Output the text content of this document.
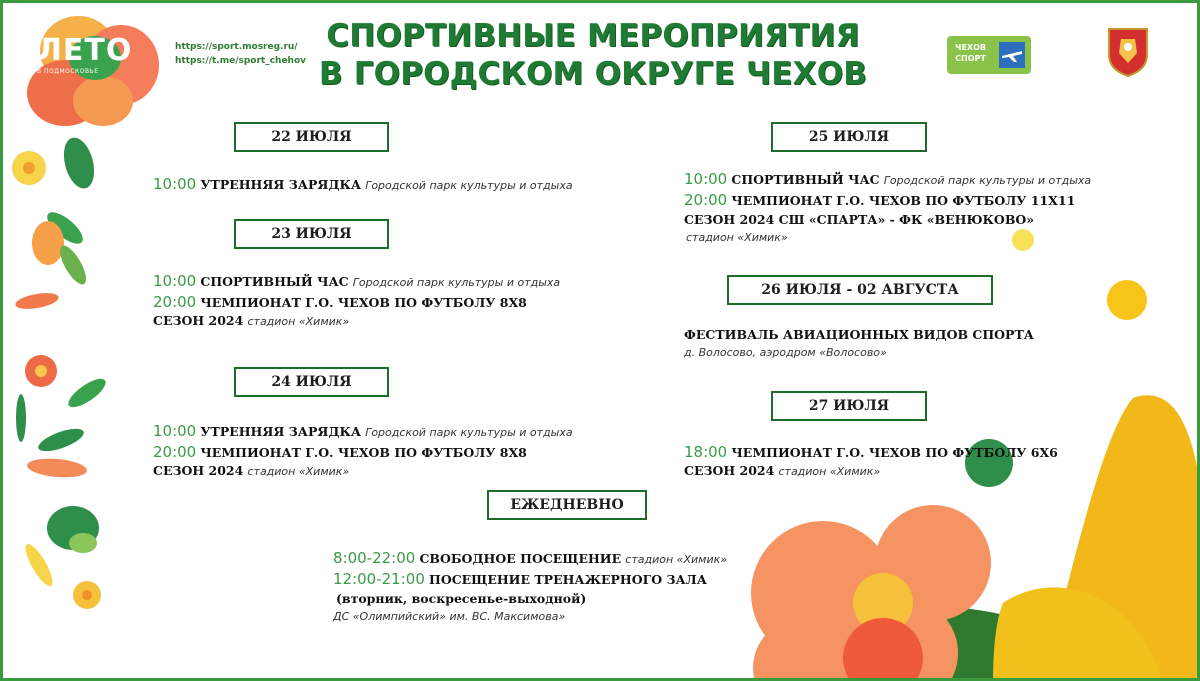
ЛЕТО
В ПОДМОСКОВЬЕ
https://sport.mosreg.ru/
https://t.me/sport_chehov
СПОРТИВНЫЕ МЕРОПРИЯТИЯ
В ГОРОДСКОМ ОКРУГЕ ЧЕХОВ
ЧЕХОВ
СПОРТ
22 ИЮЛЯ
10:00 УТРЕННЯЯ ЗАРЯДКА Городской парк культуры и отдыха
23 ИЮЛЯ
10:00 СПОРТИВНЫЙ ЧАС Городской парк культуры и отдыха
20:00 ЧЕМПИОНАТ Г.О. ЧЕХОВ ПО ФУТБОЛУ 8Х8
СЕЗОН 2024 стадион «Химик»
24 ИЮЛЯ
10:00 УТРЕННЯЯ ЗАРЯДКА Городской парк культуры и отдыха
20:00 ЧЕМПИОНАТ Г.О. ЧЕХОВ ПО ФУТБОЛУ 8Х8
СЕЗОН 2024 стадион «Химик»
25 ИЮЛЯ
10:00 СПОРТИВНЫЙ ЧАС Городской парк культуры и отдыха
20:00 ЧЕМПИОНАТ Г.О. ЧЕХОВ ПО ФУТБОЛУ 11Х11
СЕЗОН 2024 СШ «СПАРТА» - ФК «ВЕНЮКОВО»
стадион «Химик»
26 ИЮЛЯ - 02 АВГУСТА
ФЕСТИВАЛЬ АВИАЦИОННЫХ ВИДОВ СПОРТА
д. Волосово, аэродром «Волосово»
27 ИЮЛЯ
18:00 ЧЕМПИОНАТ Г.О. ЧЕХОВ ПО ФУТБОЛУ 6Х6
СЕЗОН 2024 стадион «Химик»
ЕЖЕДНЕВНО
8:00-22:00 СВОБОДНОЕ ПОСЕЩЕНИЕ стадион «Химик»
12:00-21:00 ПОСЕЩЕНИЕ ТРЕНАЖЕРНОГО ЗАЛА
(вторник, воскресенье-выходной)
ДС «Олимпийский» им. ВС. Максимова»
